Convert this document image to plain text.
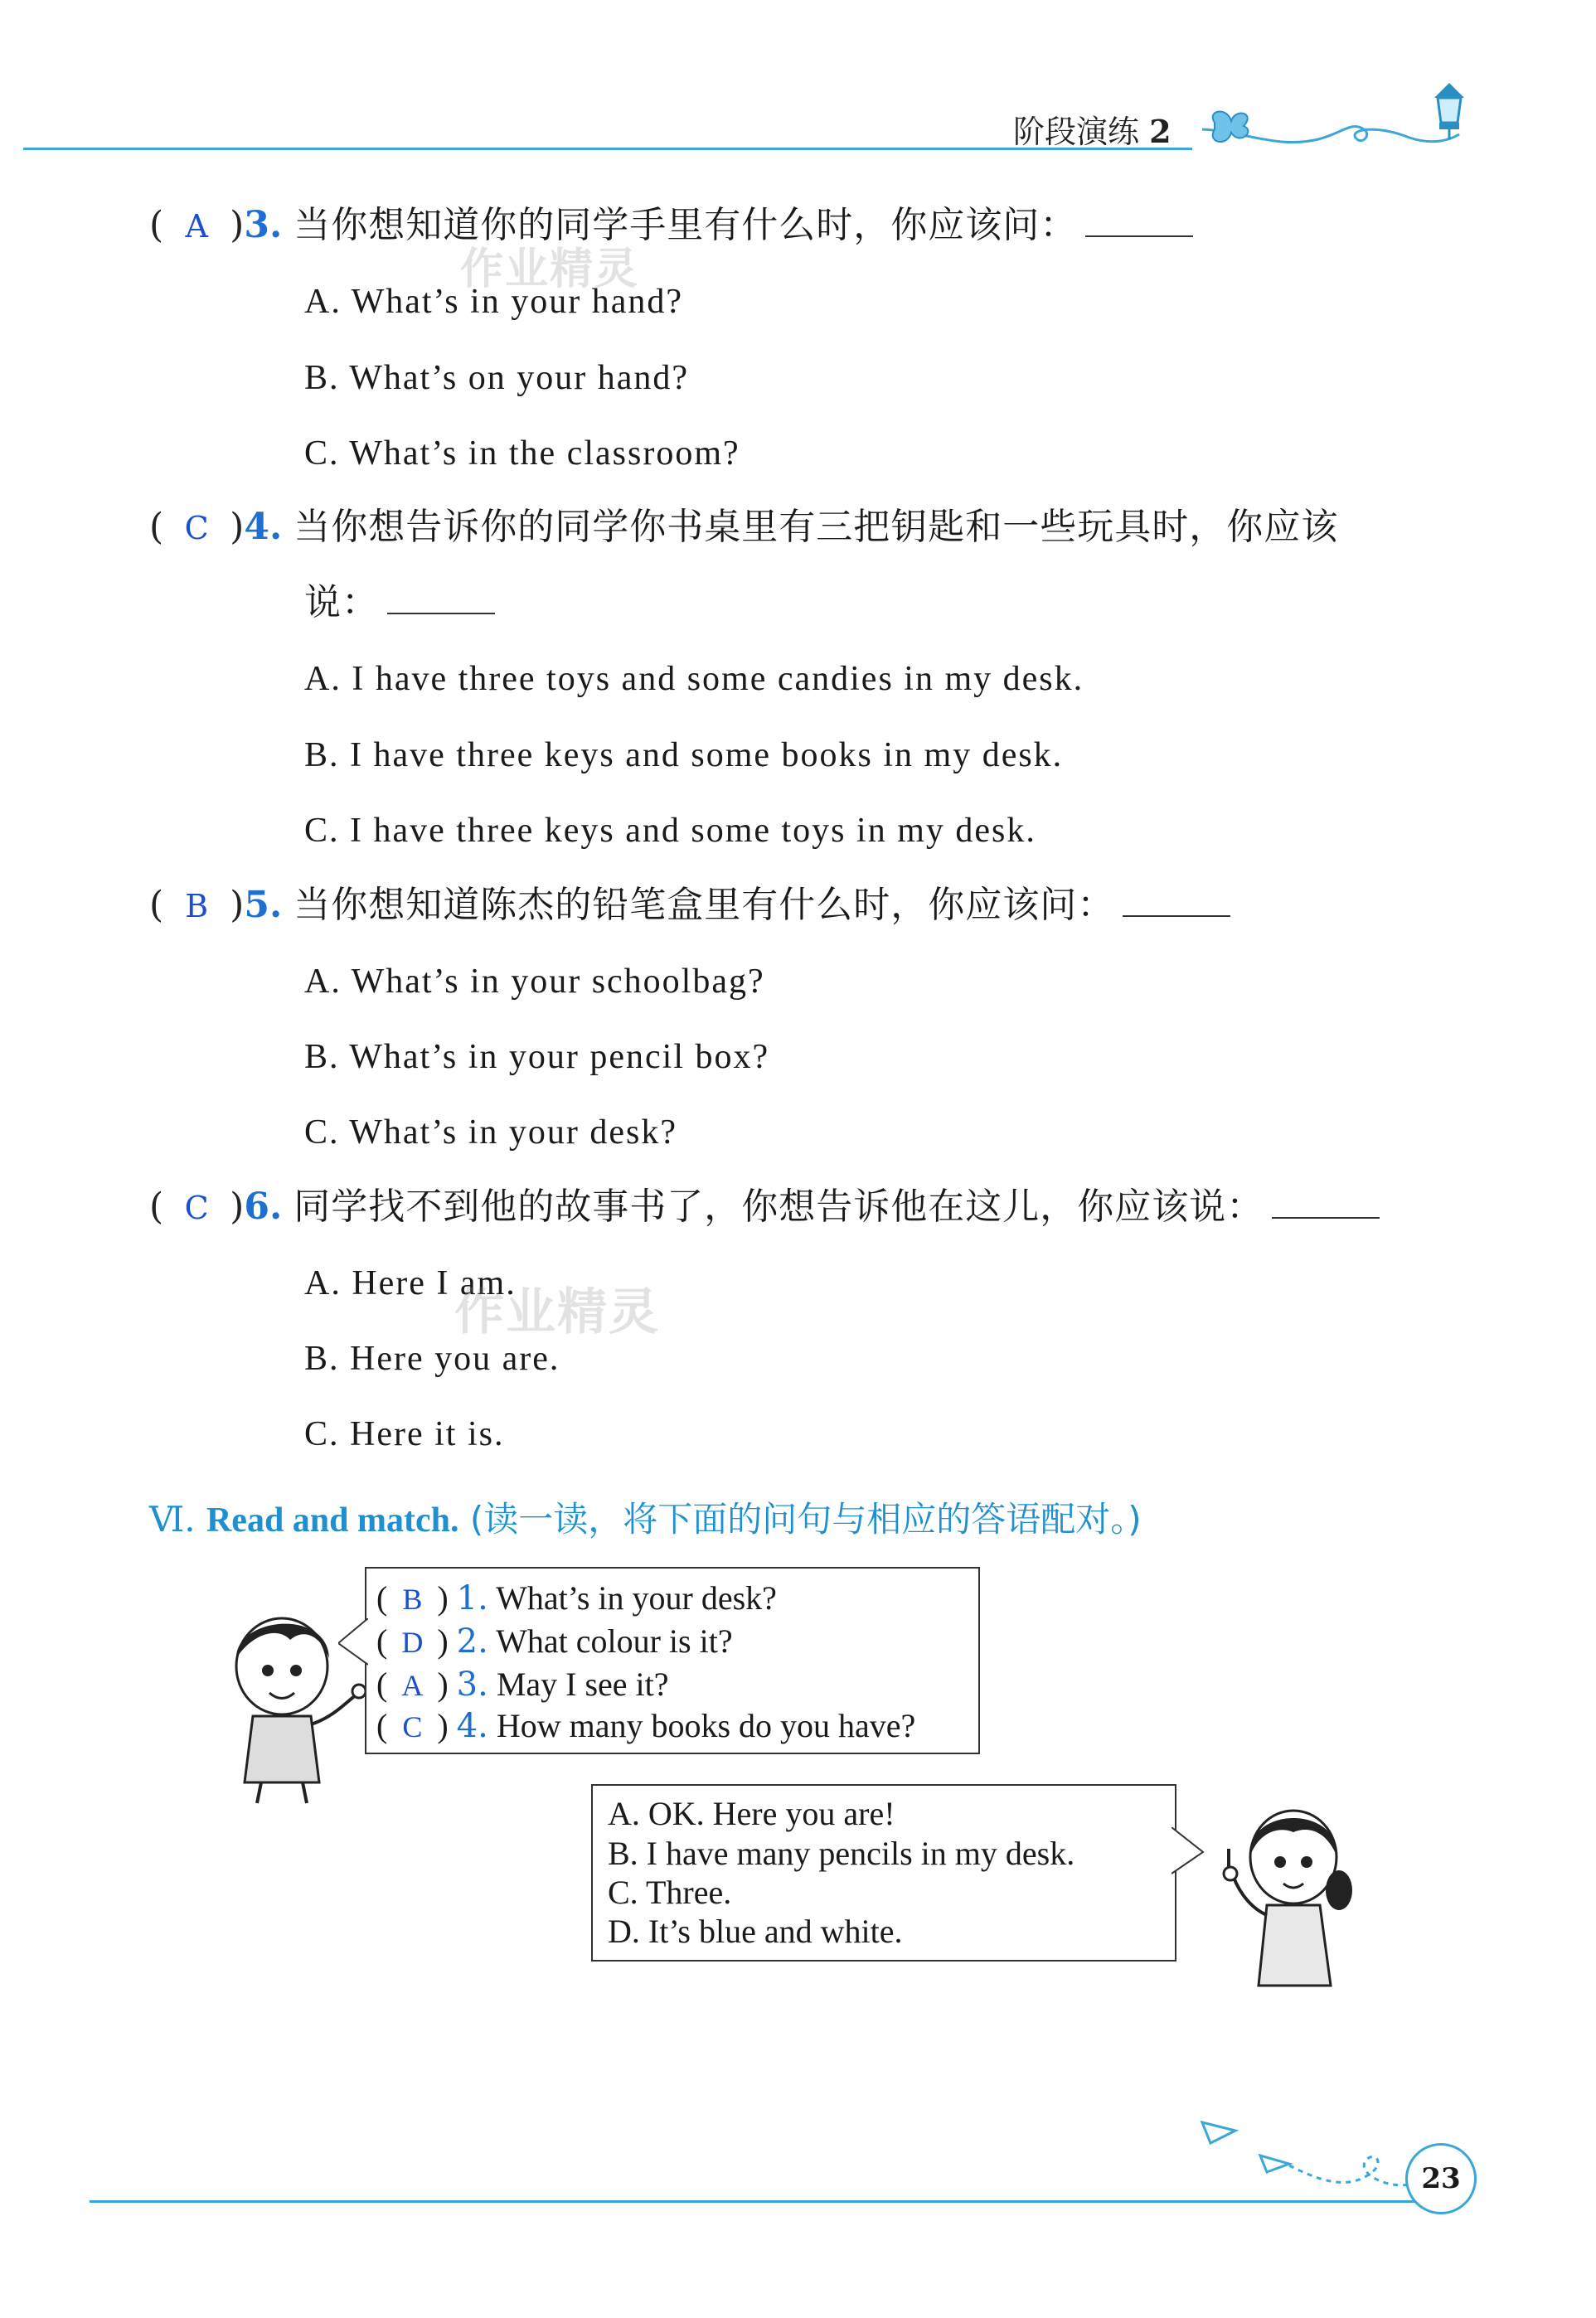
阶段演练 2
( A )3. 当你想知道你的同学手里有什么时，你应该问：
A. What’s in your hand?
B. What’s on your hand?
C. What’s in the classroom?
( C )4. 当你想告诉你的同学你书桌里有三把钥匙和一些玩具时，你应该
说：
A. I have three toys and some candies in my desk.
B. I have three keys and some books in my desk.
C. I have three keys and some toys in my desk.
( B )5. 当你想知道陈杰的铅笔盒里有什么时，你应该问：
A. What’s in your schoolbag?
B. What’s in your pencil box?
C. What’s in your desk?
( C )6. 同学找不到他的故事书了，你想告诉他在这儿，你应该说：
A. Here I am.
B. Here you are.
C. Here it is.
作业精灵
作业精灵
Ⅵ. Read and match. (读一读，将下面的问句与相应的答语配对。)
( B ) 1. What’s in your desk?
( D ) 2. What colour is it?
( A ) 3. May I see it?
( C ) 4. How many books do you have?
A. OK. Here you are!
B. I have many pencils in my desk.
C. Three.
D. It’s blue and white.
23
